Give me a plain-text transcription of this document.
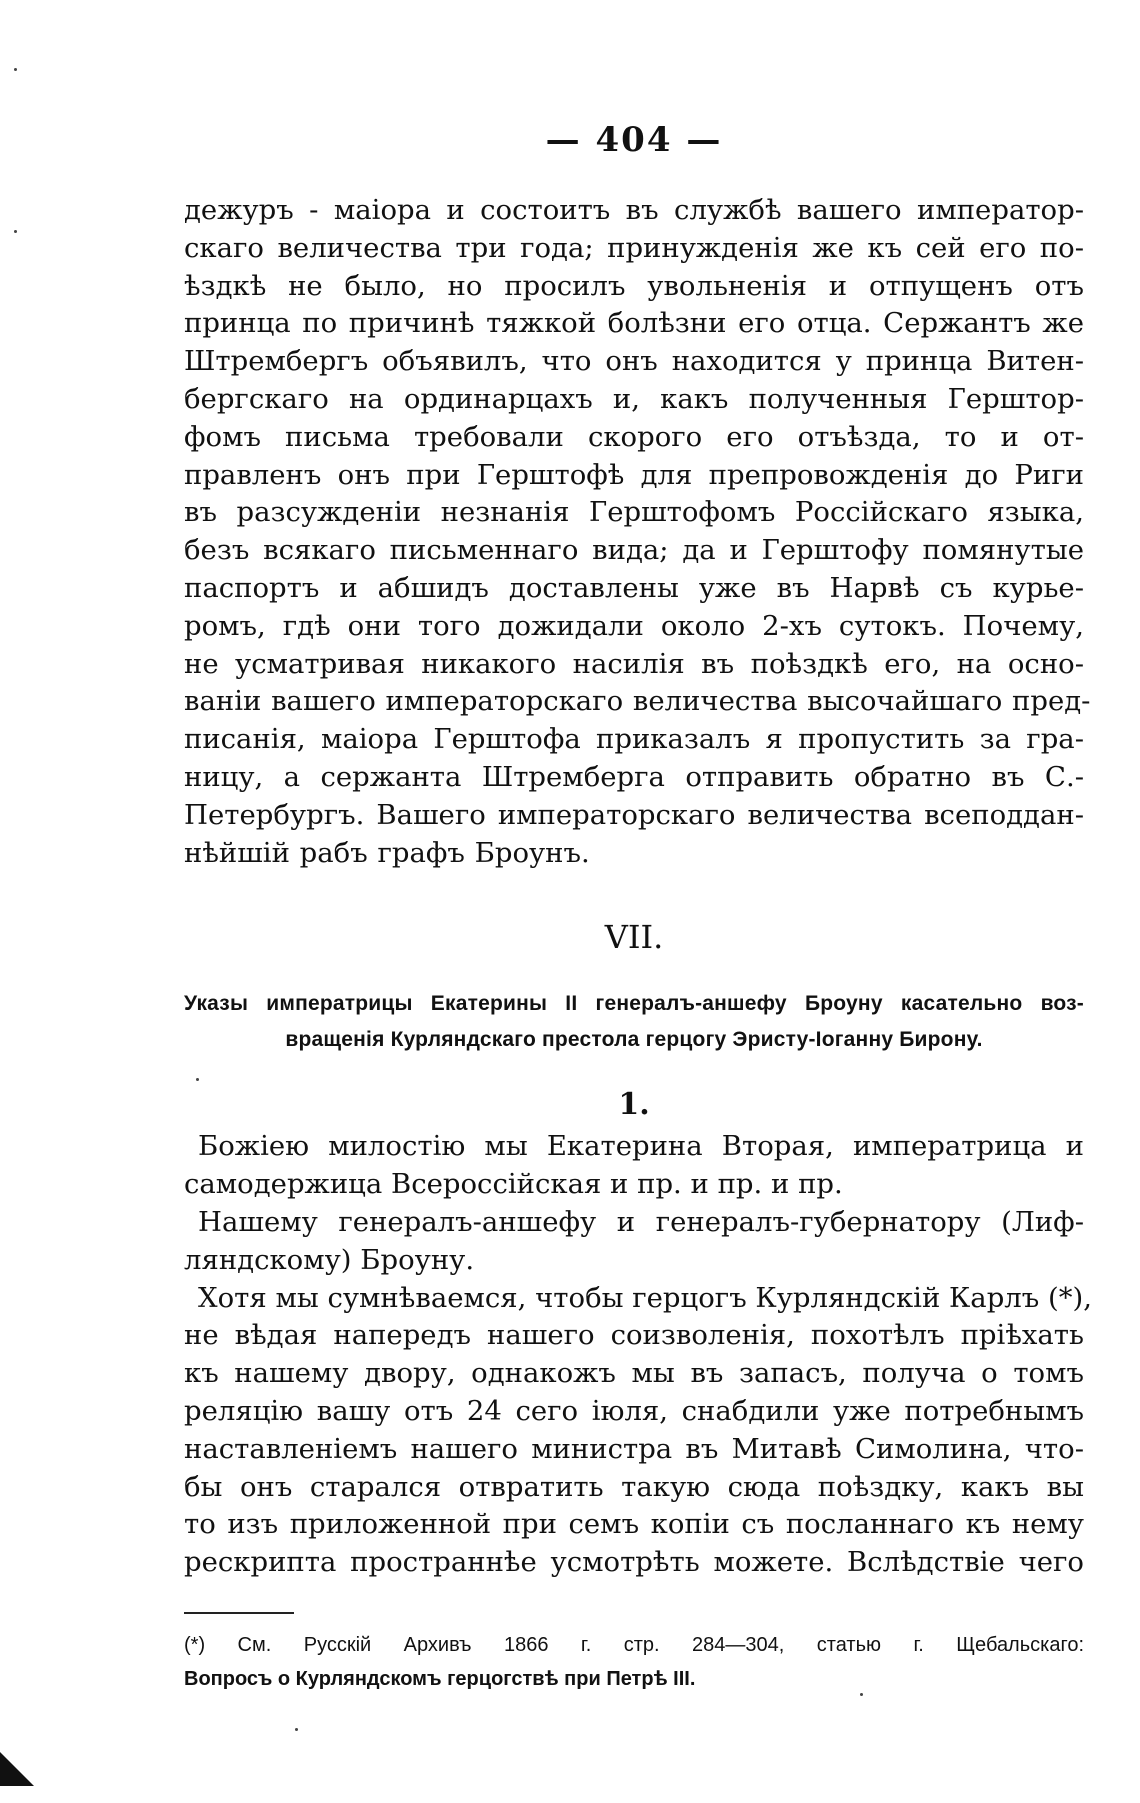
— 404 —
дежуръ - маiора и состоитъ въ службѣ вашего император-
скаго величества три года; принужденiя же къ сей его по-
ѣздкѣ не было, но просилъ увольненiя и отпущенъ отъ
принца по причинѣ тяжкой болѣзни его отца. Сержантъ же
Штрембергъ объявилъ, что онъ находится у принца Витен-
бергскаго на ординарцахъ и, какъ полученныя Герштор-
фомъ письма требовали скорого его отъѣзда, то и от-
правленъ онъ при Герштофѣ для препровожденiя до Риги
въ разсужденiи незнанiя Герштофомъ Россiйскаго языка,
безъ всякаго письменнаго вида; да и Герштофу помянутые
паспортъ и абшидъ доставлены уже въ Нарвѣ съ курье-
ромъ, гдѣ они того дожидали около 2-хъ сутокъ. Почему,
не усматривая никакого насилiя въ поѣздкѣ его, на осно-
ванiи вашего императорскаго величества высочайшаго пред-
писанiя, маiора Герштофа приказалъ я пропустить за гра-
ницу, а сержанта Штремберга отправить обратно въ С.-
Петербургъ. Вашего императорскаго величества всеподдан-
нѣйшiй рабъ графъ Броунъ.
VII.
Указы императрицы Екатерины II генералъ-аншефу Броуну касательно воз-
вращенiя Курляндскаго престола герцогу Эристу-Iоганну Бирону.
1.
Божiею милостiю мы Екатерина Вторая, императрица и
самодержица Всероссiйская и пр. и пр. и пр.
Нашему генералъ-аншефу и генералъ-губернатору (Лиф-
ляндскому) Броуну.
Хотя мы сумнѣваемся, чтобы герцогъ Курляндскiй Карлъ (*),
не вѣдая напередъ нашего соизволенiя, похотѣлъ прiѣхать
къ нашему двору, однакожъ мы въ запасъ, получа о томъ
реляцiю вашу отъ 24 сего iюля, снабдили уже потребнымъ
наставленiемъ нашего министра въ Митавѣ Симолина, что-
бы онъ старался отвратить такую сюда поѣздку, какъ вы
то изъ приложенной при семъ копiи съ посланнаго къ нему
рескрипта пространнѣе усмотрѣть можете. Вслѣдствiе чего
(*) См. Русскiй Архивъ 1866 г. стр. 284—304, статью г. Щебальскаго:
Вопросъ о Курляндскомъ герцогствѣ при Петрѣ III.
